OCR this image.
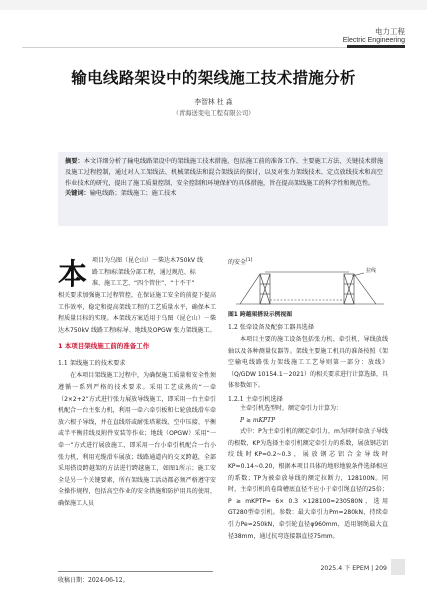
电力工程
Electric Engineering
输电线路架设中的架线施工技术措施分析
李智林 杜 淼
（青海送变电工程有限公司）
摘要：本文详细分析了输电线路架设中的架线施工技术措施，包括施工前的准备工作、主要施工方法、关键技术措施及施工过程控制，通过对人工架线法、机械架线法和混合架线法的探讨，以及对张力架线技术、定点放线技术和高空作业技术的研究，提出了施工质量控制、安全控制和环境保护的具体措施，旨在提高架线施工的科学性和规范性。
关键词：输电线路；架线施工；施工技术
本 项目为乌图（昆仑山）－柴达木750kV 线

路工程Ⅰ标架线分部工程，通过规范、标

准、施工工艺、“四个管住”、“十不干”

相关要求加强施工过程管控，在保证施工安全的前提下提高工作效率，稳定和提高架线工程的工艺质量水平，确保本工程质量目标的实现。本架线方案适用于乌图（昆仑山）－柴达木750kV 线路工程Ⅰ标导、地线及OPGW 张力架线施工。

1 本项目架线施工前的准备工作
1.1 架线施工的技术要求

在本项目架线施工过程中，为确保施工质量和安全性须遵循一系列严格的技术要求。采用工艺成熟的“一牵（2×2+2”方式进行张力展放导线施工，即采用一台主牵引机配合一台主张力机，利用一牵六牵引板和七轮放线滑车牵放六根子导线，并在直线塔或耐张塔紧线、空中压接、平衡或半平衡挂线及附件安装等作业；地线（OPGW）采用“一牵一”方式进行展放施工，即采用一台小牵引机配合一台小张力机，利用光缆滑车展放；线路通道内的交叉跨越，全部采用搭设跨越架的方法进行跨越施工，如图1所示；施工安全是另一个关键要素，所有架线施工活动都必须严格遵守安全操作规程，包括高空作业的安全措施和防护用具的使用，确保施工人员

收稿日期：2024-06-12。
的安全[1]
拉线
图1 跨越架搭设示例视图
1.2 张牵设备及配套工器具选择

本项目主要的施工设备包括张力机、牵引机、导线放线轴以及各种测量仪器等。架线主要施工机具的准备按照《架空输电线路张力架线施工工艺导则第一部分：放线》（Q/GDW 10154.1－2021）的相关要求进行计算选择，具体参数如下。

1.2.1 主牵引机选择

主牵引机选型时，额定牵引力计算为：

P ≥ mKPTP

式中：P为主牵引机的额定牵引力，m为同时牵放子导线的根数，KP为选择主牵引机额定牵引力的系数，展放钢芯铝绞线时KP=0.2~0.3，展放钢芯铝合金导线时KP=0.14~0.20，根据本项目具体的地形地貌条件选择相应的系数；TP为被牵放导线的额定拉断力，128100N。同时，主牵引机的卷筒槽底直径不应小于牵引绳直径的25倍；P ≥ mKPTP= 6× 0.3 ×128100=230580N，选用GT280型牵引机。参数：最大牵引力Pm=280kN，持续牵引力Pe=250kN，牵引轮直径φ960mm，适用钢绳最大直径38mm，通过抗弯连接器直径75mm。

2025.4 下 EPEM | 209
